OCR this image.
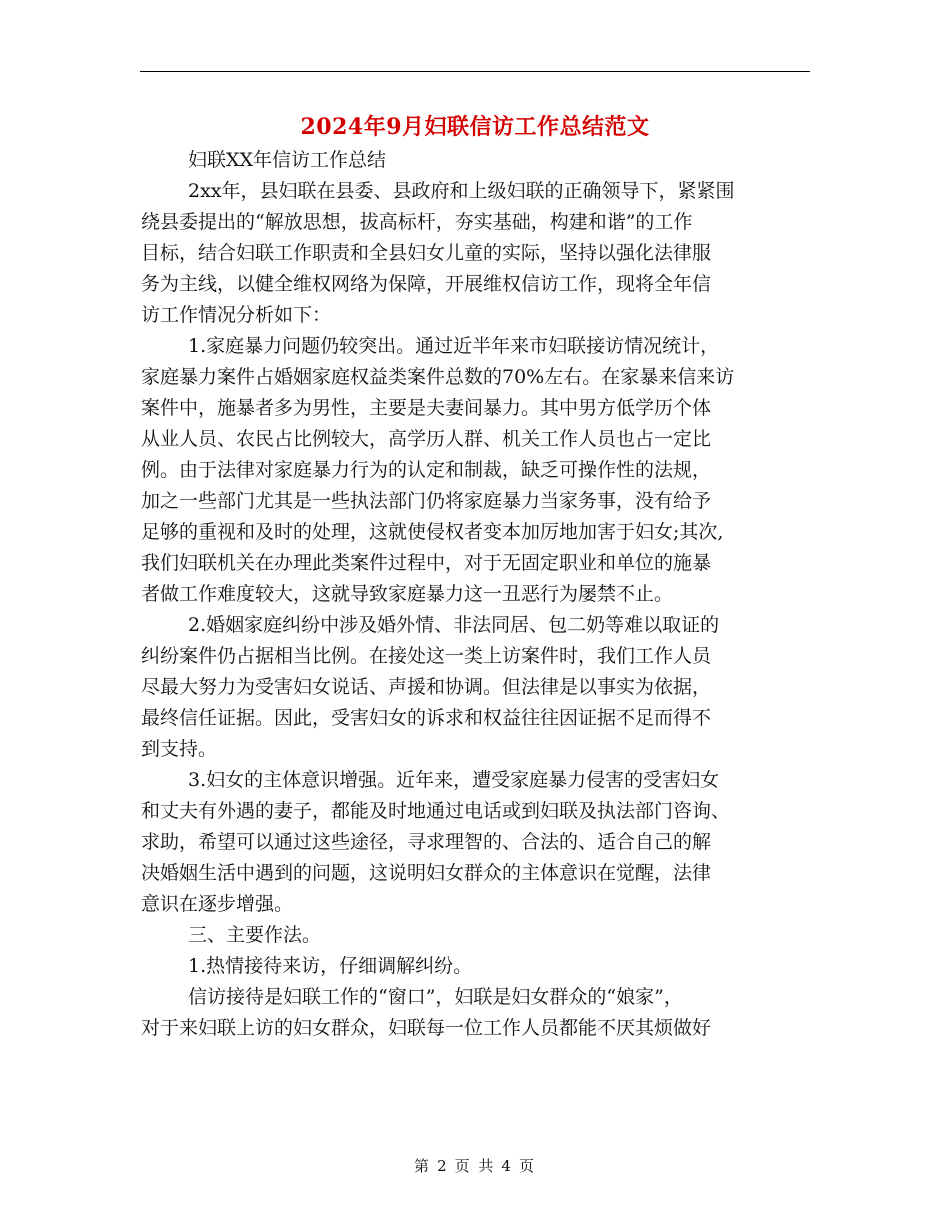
2024年9月妇联信访工作总结范文
妇联XX年信访工作总结
2xx年，县妇联在县委、县政府和上级妇联的正确领导下，紧紧围
绕县委提出的“解放思想，拔高标杆，夯实基础，构建和谐”的工作
目标，结合妇联工作职责和全县妇女儿童的实际，坚持以强化法律服
务为主线，以健全维权网络为保障，开展维权信访工作，现将全年信
访工作情况分析如下：
1.家庭暴力问题仍较突出。通过近半年来市妇联接访情况统计，
家庭暴力案件占婚姻家庭权益类案件总数的70%左右。在家暴来信来访
案件中，施暴者多为男性，主要是夫妻间暴力。其中男方低学历个体
从业人员、农民占比例较大，高学历人群、机关工作人员也占一定比
例。由于法律对家庭暴力行为的认定和制裁，缺乏可操作性的法规，
加之一些部门尤其是一些执法部门仍将家庭暴力当家务事，没有给予
足够的重视和及时的处理，这就使侵权者变本加厉地加害于妇女;其次,
我们妇联机关在办理此类案件过程中，对于无固定职业和单位的施暴
者做工作难度较大，这就导致家庭暴力这一丑恶行为屡禁不止。
2.婚姻家庭纠纷中涉及婚外情、非法同居、包二奶等难以取证的
纠纷案件仍占据相当比例。在接处这一类上访案件时，我们工作人员
尽最大努力为受害妇女说话、声援和协调。但法律是以事实为依据，
最终信任证据。因此，受害妇女的诉求和权益往往因证据不足而得不
到支持。
3.妇女的主体意识增强。近年来，遭受家庭暴力侵害的受害妇女
和丈夫有外遇的妻子，都能及时地通过电话或到妇联及执法部门咨询、
求助，希望可以通过这些途径，寻求理智的、合法的、适合自己的解
决婚姻生活中遇到的问题，这说明妇女群众的主体意识在觉醒，法律
意识在逐步增强。
三、主要作法。
1.热情接待来访，仔细调解纠纷。
信访接待是妇联工作的“窗口”，妇联是妇女群众的“娘家”，
对于来妇联上访的妇女群众，妇联每一位工作人员都能不厌其烦做好
第 2 页 共 4 页
